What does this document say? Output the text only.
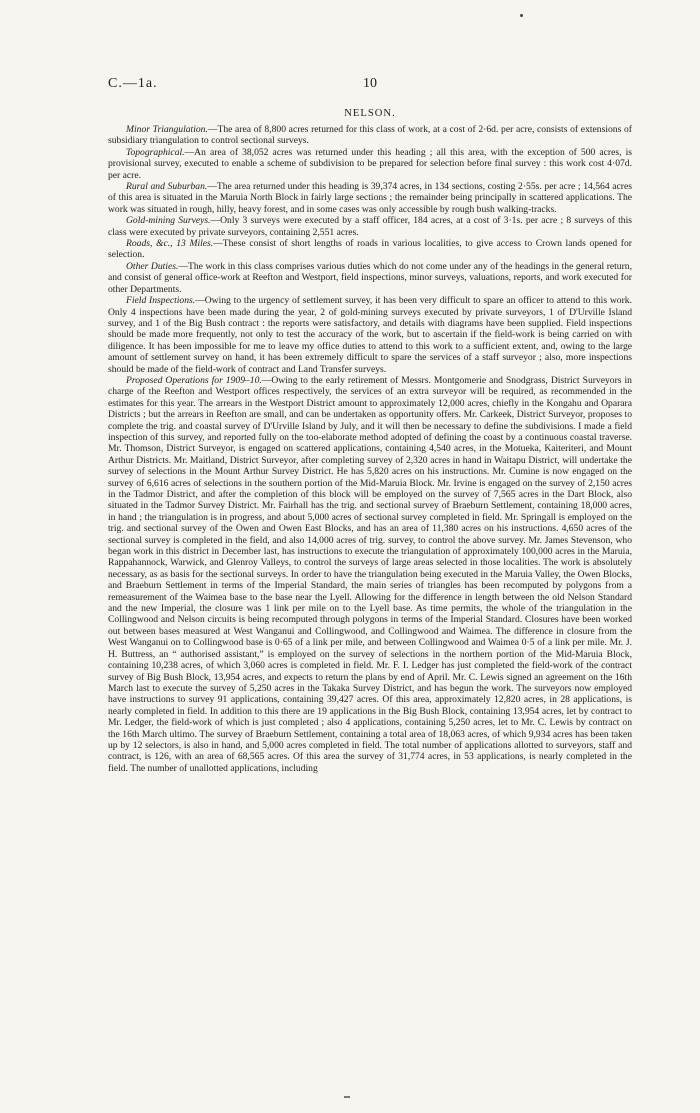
C.—1a.	10
NELSON.

Minor Triangulation.—The area of 8,800 acres returned for this class of work, at a cost of 2·6d. per acre, consists of extensions of subsidiary triangulation to control sectional surveys.

Topographical.—An area of 38,052 acres was returned under this heading ; all this area, with the exception of 500 acres, is provisional survey, executed to enable a scheme of subdivision to be prepared for selection before final survey : this work cost 4·07d. per acre.

Rural and Suburban.—The area returned under this heading is 39,374 acres, in 134 sections, costing 2·55s. per acre ; 14,564 acres of this area is situated in the Maruia North Block in fairly large sections ; the remainder being principally in scattered applications. The work was situated in rough, hilly, heavy forest, and in some cases was only accessible by rough bush walking-tracks.

Gold-mining Surveys.—Only 3 surveys were executed by a staff officer, 184 acres, at a cost of 3·1s. per acre ; 8 surveys of this class were executed by private surveyors, containing 2,551 acres.

Roads, &c., 13 Miles.—These consist of short lengths of roads in various localities, to give access to Crown lands opened for selection.

Other Duties.—The work in this class comprises various duties which do not come under any of the headings in the general return, and consist of general office-work at Reefton and Westport, field inspections, minor surveys, valuations, reports, and work executed for other Departments.

Field Inspections.—Owing to the urgency of settlement survey, it has been very difficult to spare an officer to attend to this work. Only 4 inspections have been made during the year, 2 of gold-mining surveys executed by private surveyors, 1 of D'Urville Island survey, and 1 of the Big Bush contract : the reports were satisfactory, and details with diagrams have been supplied. Field inspections should be made more frequently, not only to test the accuracy of the work, but to ascertain if the field-work is being carried on with diligence. It has been impossible for me to leave my office duties to attend to this work to a sufficient extent, and, owing to the large amount of settlement survey on hand, it has been extremely difficult to spare the services of a staff surveyor ; also, more inspections should be made of the field-work of contract and Land Transfer surveys.

Proposed Operations for 1909–10.—Owing to the early retirement of Messrs. Montgomerie and Snodgrass, District Surveyors in charge of the Reefton and Westport offices respectively, the services of an extra surveyor will be required, as recommended in the estimates for this year. The arrears in the Westport District amount to approximately 12,000 acres, chiefly in the Kongahu and Oparara Districts ; but the arrears in Reefton are small, and can be undertaken as opportunity offers. Mr. Carkeek, District Surveyor, proposes to complete the trig. and coastal survey of D'Urville Island by July, and it will then be necessary to define the subdivisions. I made a field inspection of this survey, and reported fully on the too-elaborate method adopted of defining the coast by a continuous coastal traverse. Mr. Thomson, District Surveyor, is engaged on scattered applications, containing 4,540 acres, in the Motueka, Kaiteriteri, and Mount Arthur Districts. Mr. Maitland, District Surveyor, after completing survey of 2,320 acres in hand in Waitapu District, will undertake the survey of selections in the Mount Arthur Survey District. He has 5,820 acres on his instructions. Mr. Cumine is now engaged on the survey of 6,616 acres of selections in the southern portion of the Mid-Maruia Block. Mr. Irvine is engaged on the survey of 2,150 acres in the Tadmor District, and after the completion of this block will be employed on the survey of 7,565 acres in the Dart Block, also situated in the Tadmor Survey District. Mr. Fairhall has the trig. and sectional survey of Braeburn Settlement, containing 18,000 acres, in hand ; the triangulation is in progress, and about 5,000 acres of sectional survey completed in field. Mr. Springall is employed on the trig. and sectional survey of the Owen and Owen East Blocks, and has an area of 11,380 acres on his instructions. 4,650 acres of the sectional survey is completed in the field, and also 14,000 acres of trig. survey, to control the above survey. Mr. James Stevenson, who began work in this district in December last, has instructions to execute the triangulation of approximately 100,000 acres in the Maruia, Rappahannock, Warwick, and Glenroy Valleys, to control the surveys of large areas selected in those localities. The work is absolutely necessary, as as basis for the sectional surveys. In order to have the triangulation being executed in the Maruia Valley, the Owen Blocks, and Braeburn Settlement in terms of the Imperial Standard, the main series of triangles has been recomputed by polygons from a remeasurement of the Waimea base to the base near the Lyell. Allowing for the difference in length between the old Nelson Standard and the new Imperial, the closure was 1 link per mile on to the Lyell base. As time permits, the whole of the triangulation in the Collingwood and Nelson circuits is being recomputed through polygons in terms of the Imperial Standard. Closures have been worked out between bases measured at West Wanganui and Collingwood, and Collingwood and Waimea. The difference in closure from the West Wanganui on to Collingwood base is 0·65 of a link per mile, and between Collingwood and Waimea 0·5 of a link per mile. Mr. J. H. Buttress, an “ authorised assistant,” is employed on the survey of selections in the northern portion of the Mid-Maruia Block, containing 10,238 acres, of which 3,060 acres is completed in field. Mr. F. I. Ledger has just completed the field-work of the contract survey of Big Bush Block, 13,954 acres, and expects to return the plans by end of April. Mr. C. Lewis signed an agreement on the 16th March last to execute the survey of 5,250 acres in the Takaka Survey District, and has begun the work. The surveyors now employed have instructions to survey 91 applications, containing 39,427 acres. Of this area, approximately 12,820 acres, in 28 applications, is nearly completed in field. In addition to this there are 19 applications in the Big Bush Block, containing 13,954 acres, let by contract to Mr. Ledger, the field-work of which is just completed ; also 4 applications, containing 5,250 acres, let to Mr. C. Lewis by contract on the 16th March ultimo. The survey of Braeburn Settlement, containing a total area of 18,063 acres, of which 9,934 acres has been taken up by 12 selectors, is also in hand, and 5,000 acres completed in field. The total number of applications allotted to surveyors, staff and contract, is 126, with an area of 68,565 acres. Of this area the survey of 31,774 acres, in 53 applications, is nearly completed in the field. The number of unallotted applications, including
